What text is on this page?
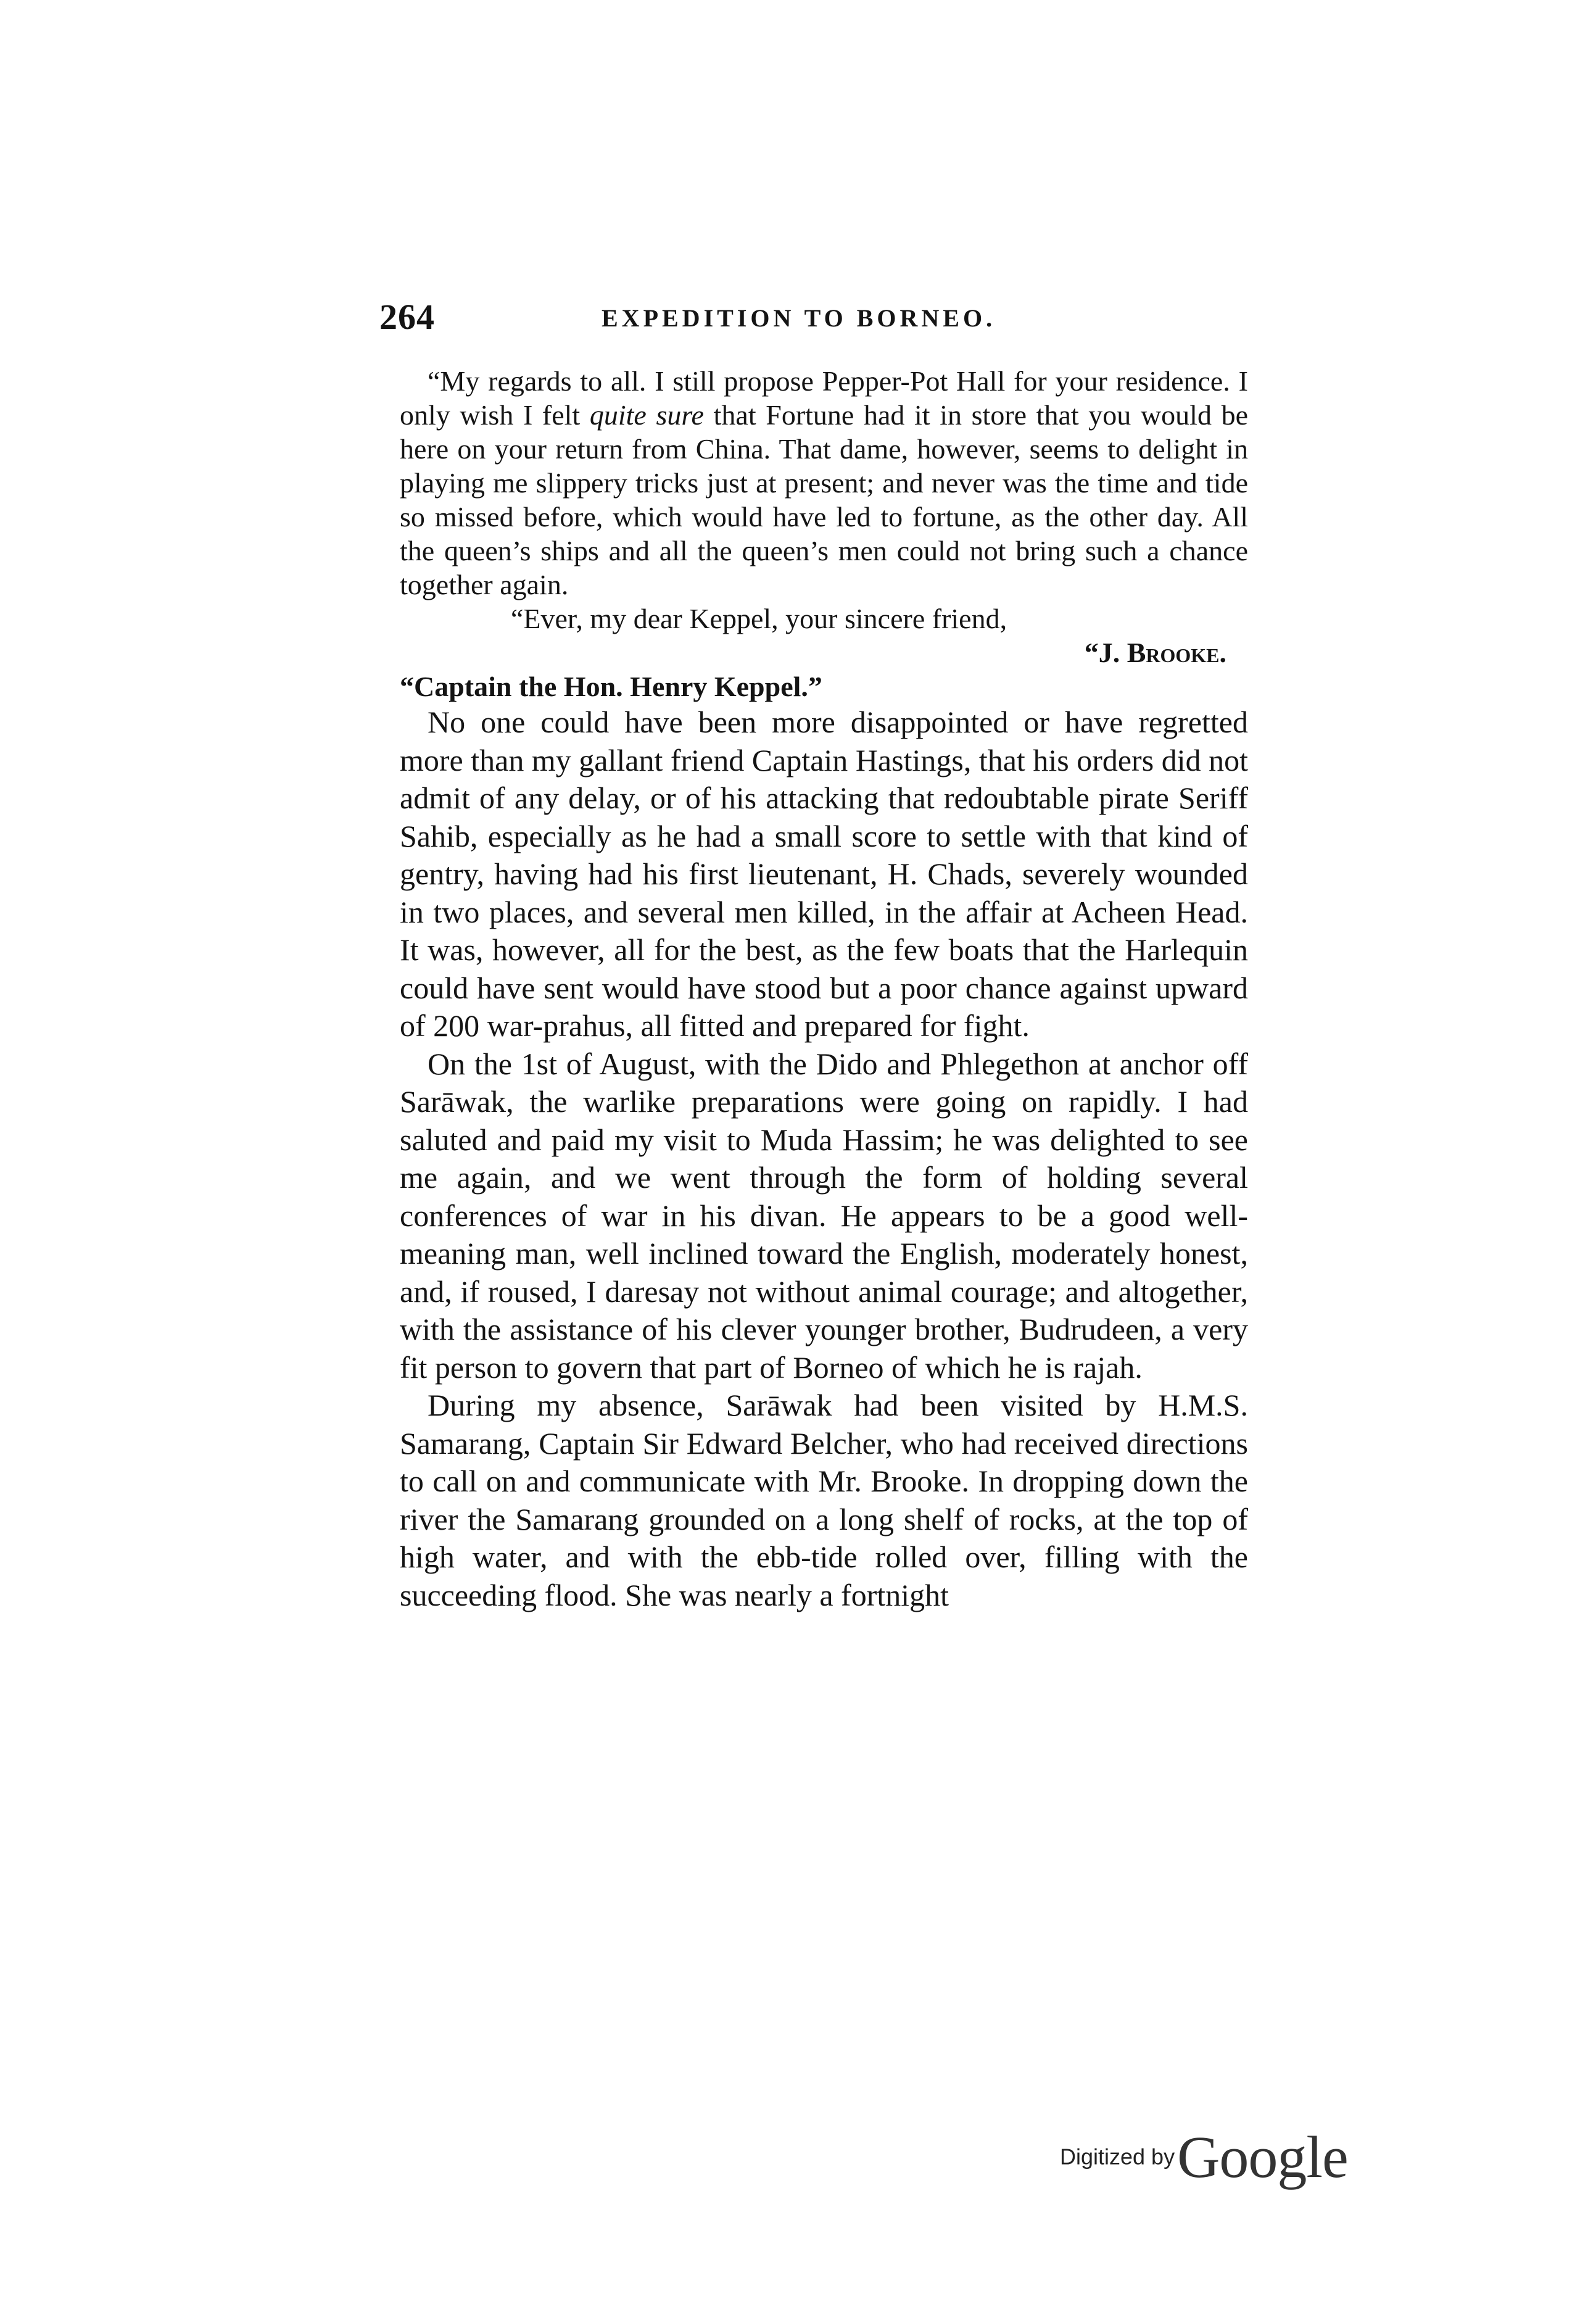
264	EXPEDITION TO BORNEO.

“My regards to all. I still propose Pepper-Pot Hall for your residence. I only wish I felt quite sure that Fortune had it in store that you would be here on your return from China. That dame, however, seems to delight in playing me slippery tricks just at present; and never was the time and tide so missed before, which would have led to fortune, as the other day. All the queen’s ships and all the queen’s men could not bring such a chance together again.

“Ever, my dear Keppel, your sincere friend,

“J. Brooke.

“Captain the Hon. Henry Keppel.”

No one could have been more disappointed or have regretted more than my gallant friend Captain Hastings, that his orders did not admit of any delay, or of his attacking that redoubtable pirate Seriff Sahib, especially as he had a small score to settle with that kind of gentry, having had his first lieutenant, H. Chads, severely wounded in two places, and several men killed, in the affair at Acheen Head. It was, however, all for the best, as the few boats that the Harlequin could have sent would have stood but a poor chance against upward of 200 war-prahus, all fitted and prepared for fight.

On the 1st of August, with the Dido and Phlegethon at anchor off Sarāwak, the warlike preparations were going on rapidly. I had saluted and paid my visit to Muda Hassim; he was delighted to see me again, and we went through the form of holding several conferences of war in his divan. He appears to be a good well-meaning man, well inclined toward the English, moderately honest, and, if roused, I daresay not without animal courage; and altogether, with the assistance of his clever younger brother, Budrudeen, a very fit person to govern that part of Borneo of which he is rajah.

During my absence, Sarāwak had been visited by H.M.S. Samarang, Captain Sir Edward Belcher, who had received directions to call on and communicate with Mr. Brooke. In dropping down the river the Samarang grounded on a long shelf of rocks, at the top of high water, and with the ebb-tide rolled over, filling with the succeeding flood. She was nearly a fortnight

Digitized by Google
